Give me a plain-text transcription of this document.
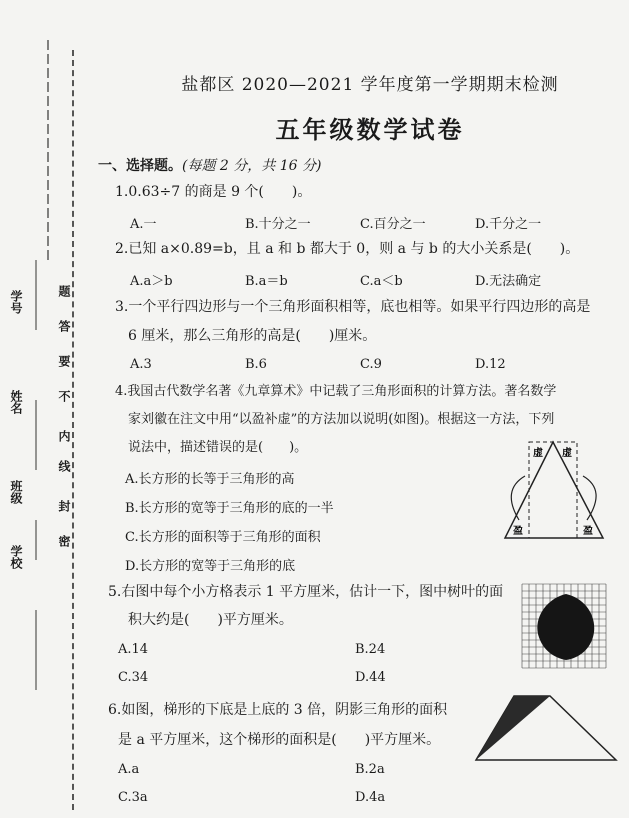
学号
姓名
班级
学校
密
封
线
内
不
要
答
题
盐都区 2020—2021 学年度第一学期期末检测
五年级数学试卷
一、选择题。(每题 2 分，共 16 分)
1.0.63÷7 的商是 9 个(　　)。
A.一	B.十分之一	C.百分之一	D.千分之一
2.已知 a×0.89=b，且 a 和 b 都大于 0，则 a 与 b 的大小关系是(　　)。
A.a＞b	B.a＝b	C.a＜b	D.无法确定
3.一个平行四边形与一个三角形面积相等，底也相等。如果平行四边形的高是
6 厘米，那么三角形的高是(　　)厘米。
A.3	B.6	C.9	D.12
4.我国古代数学名著《九章算术》中记载了三角形面积的计算方法。著名数学
家刘徽在注文中用“以盈补虚”的方法加以说明(如图)。根据这一方法，下列
说法中，描述错误的是(　　)。
A.长方形的长等于三角形的高
B.长方形的宽等于三角形的底的一半
C.长方形的面积等于三角形的面积
D.长方形的宽等于三角形的底
虚 虚
盈	盈
5.右图中每个小方格表示 1 平方厘米，估计一下，图中树叶的面
积大约是(　　)平方厘米。
A.14	B.24
C.34	D.44
6.如图，梯形的下底是上底的 3 倍，阴影三角形的面积
是 a 平方厘米，这个梯形的面积是(　　)平方厘米。
A.a	B.2a
C.3a	D.4a
